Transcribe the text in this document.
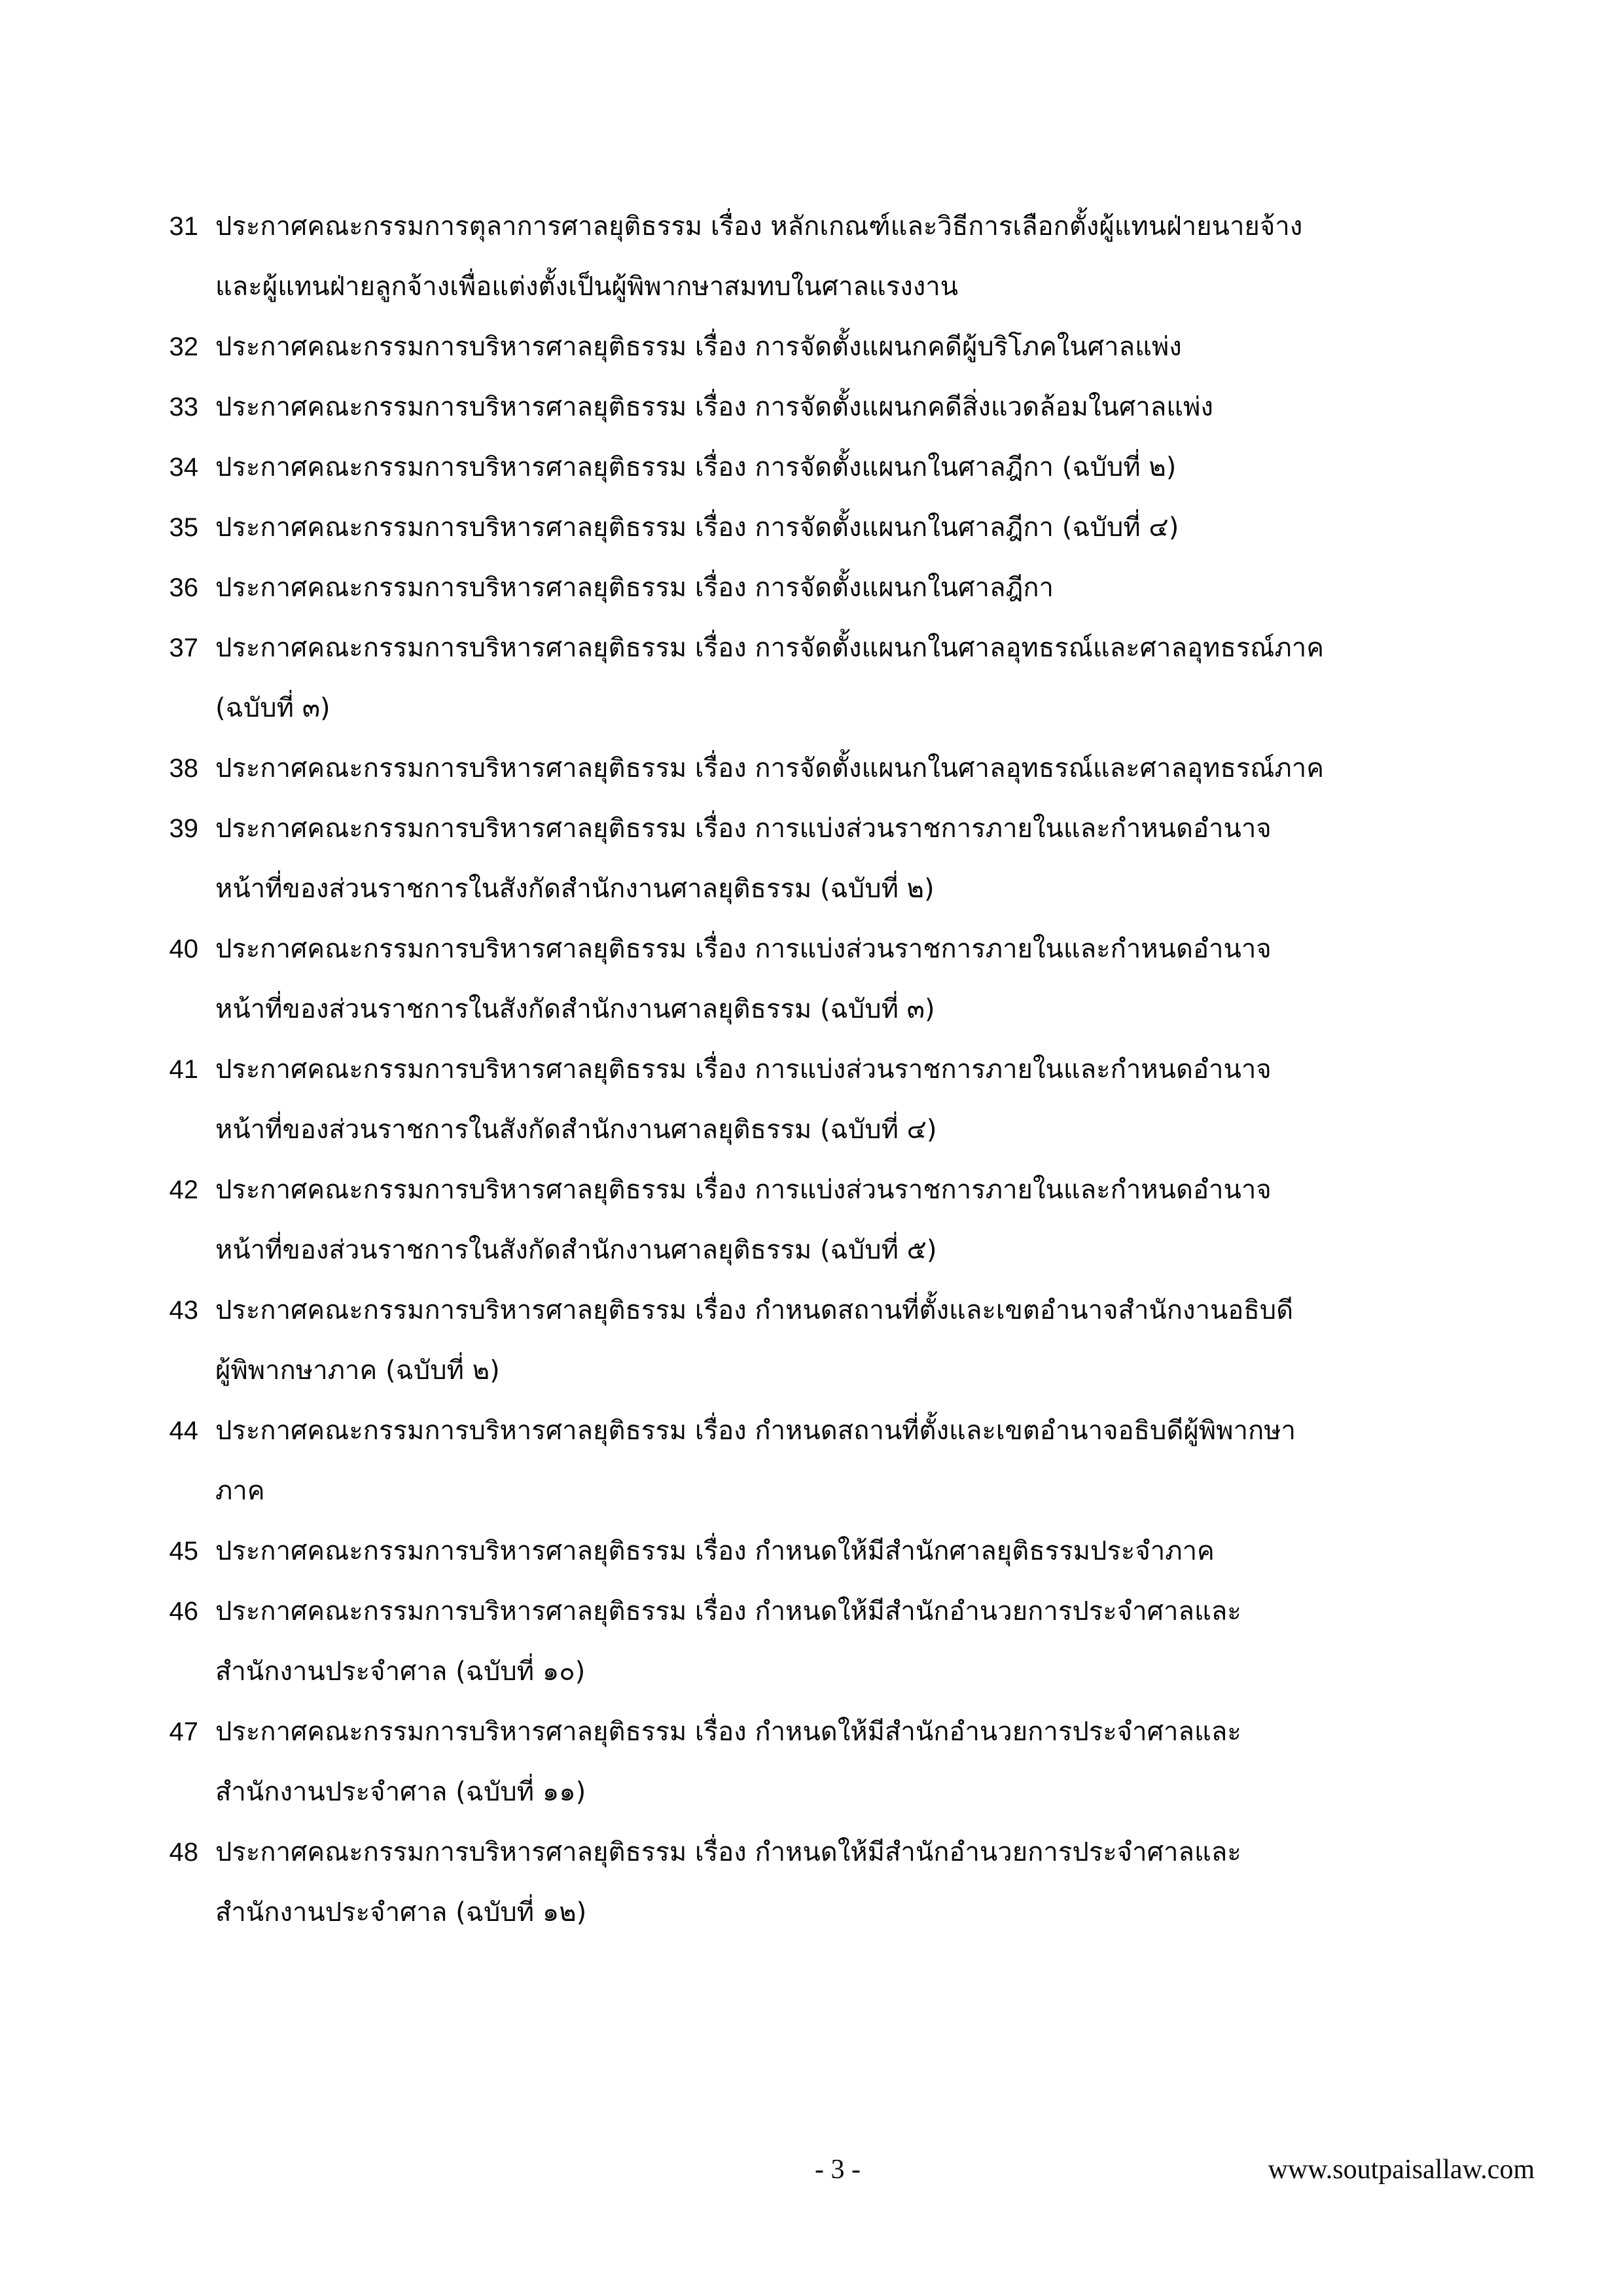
31 ประกาศคณะกรรมการตุลาการศาลยุติธรรม เรื่อง หลักเกณฑ์และวิธีการเลือกตั้งผู้แทนฝ่ายนายจ้าง
และผู้แทนฝ่ายลูกจ้างเพื่อแต่งตั้งเป็นผู้พิพากษาสมทบในศาลแรงงาน
32 ประกาศคณะกรรมการบริหารศาลยุติธรรม เรื่อง การจัดตั้งแผนกคดีผู้บริโภคในศาลแพ่ง
33 ประกาศคณะกรรมการบริหารศาลยุติธรรม เรื่อง การจัดตั้งแผนกคดีสิ่งแวดล้อมในศาลแพ่ง
34 ประกาศคณะกรรมการบริหารศาลยุติธรรม เรื่อง การจัดตั้งแผนกในศาลฎีกา (ฉบับที่ ๒)
35 ประกาศคณะกรรมการบริหารศาลยุติธรรม เรื่อง การจัดตั้งแผนกในศาลฎีกา (ฉบับที่ ๔)
36 ประกาศคณะกรรมการบริหารศาลยุติธรรม เรื่อง การจัดตั้งแผนกในศาลฎีกา
37 ประกาศคณะกรรมการบริหารศาลยุติธรรม เรื่อง การจัดตั้งแผนกในศาลอุทธรณ์และศาลอุทธรณ์ภาค
(ฉบับที่ ๓)
38 ประกาศคณะกรรมการบริหารศาลยุติธรรม เรื่อง การจัดตั้งแผนกในศาลอุทธรณ์และศาลอุทธรณ์ภาค
39 ประกาศคณะกรรมการบริหารศาลยุติธรรม เรื่อง การแบ่งส่วนราชการภายในและกำหนดอำนาจ
หน้าที่ของส่วนราชการในสังกัดสำนักงานศาลยุติธรรม (ฉบับที่ ๒)
40 ประกาศคณะกรรมการบริหารศาลยุติธรรม เรื่อง การแบ่งส่วนราชการภายในและกำหนดอำนาจ
หน้าที่ของส่วนราชการในสังกัดสำนักงานศาลยุติธรรม (ฉบับที่ ๓)
41 ประกาศคณะกรรมการบริหารศาลยุติธรรม เรื่อง การแบ่งส่วนราชการภายในและกำหนดอำนาจ
หน้าที่ของส่วนราชการในสังกัดสำนักงานศาลยุติธรรม (ฉบับที่ ๔)
42 ประกาศคณะกรรมการบริหารศาลยุติธรรม เรื่อง การแบ่งส่วนราชการภายในและกำหนดอำนาจ
หน้าที่ของส่วนราชการในสังกัดสำนักงานศาลยุติธรรม (ฉบับที่ ๕)
43 ประกาศคณะกรรมการบริหารศาลยุติธรรม เรื่อง กำหนดสถานที่ตั้งและเขตอำนาจสำนักงานอธิบดี
ผู้พิพากษาภาค (ฉบับที่ ๒)
44 ประกาศคณะกรรมการบริหารศาลยุติธรรม เรื่อง กำหนดสถานที่ตั้งและเขตอำนาจอธิบดีผู้พิพากษา
ภาค
45 ประกาศคณะกรรมการบริหารศาลยุติธรรม เรื่อง กำหนดให้มีสำนักศาลยุติธรรมประจำภาค
46 ประกาศคณะกรรมการบริหารศาลยุติธรรม เรื่อง กำหนดให้มีสำนักอำนวยการประจำศาลและ
สำนักงานประจำศาล (ฉบับที่ ๑๐)
47 ประกาศคณะกรรมการบริหารศาลยุติธรรม เรื่อง กำหนดให้มีสำนักอำนวยการประจำศาลและ
สำนักงานประจำศาล (ฉบับที่ ๑๑)
48 ประกาศคณะกรรมการบริหารศาลยุติธรรม เรื่อง กำหนดให้มีสำนักอำนวยการประจำศาลและ
สำนักงานประจำศาล (ฉบับที่ ๑๒)
- 3 -	www.soutpaisallaw.com
